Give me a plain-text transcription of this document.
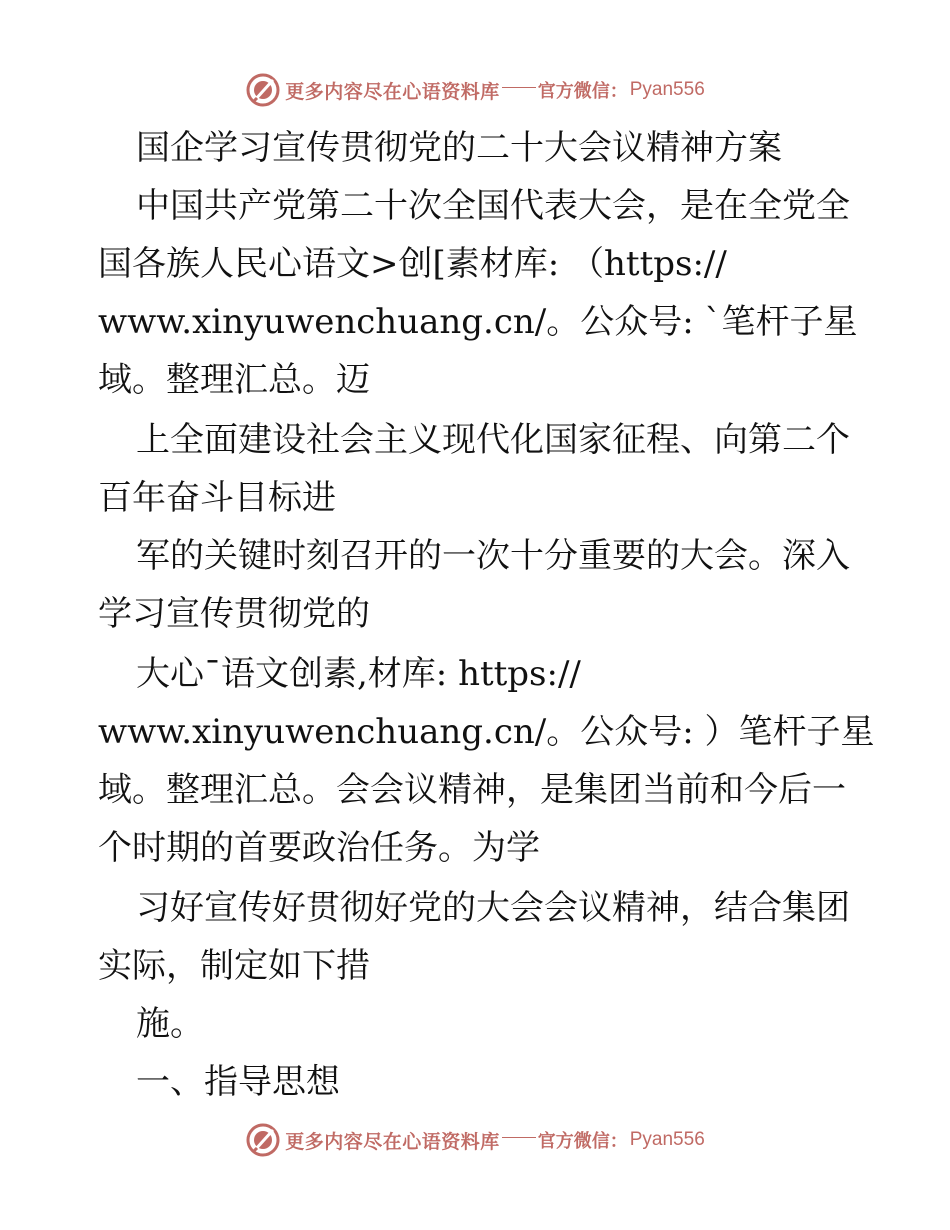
更多内容尽在心语资料库 官方微信： Pyan556
国企学习宣传贯彻党的二十大会议精神方案
中国共产党第二十次全国代表大会，是在全党全
国各族人民心语文>创[素材库: （https://
www.xinyuwenchuang.cn/。公众号: `笔杆子星
域。整理汇总。迈
上全面建设社会主义现代化国家征程、向第二个
百年奋斗目标进
军的关键时刻召开的一次十分重要的大会。深入
学习宣传贯彻党的
大心¯语文创素,材库: https://
www.xinyuwenchuang.cn/。公众号: ）笔杆子星
域。整理汇总。会会议精神，是集团当前和今后一
个时期的首要政治任务。为学
习好宣传好贯彻好党的大会会议精神，结合集团
实际，制定如下措
施。
一、指导思想
更多内容尽在心语资料库 官方微信： Pyan556
